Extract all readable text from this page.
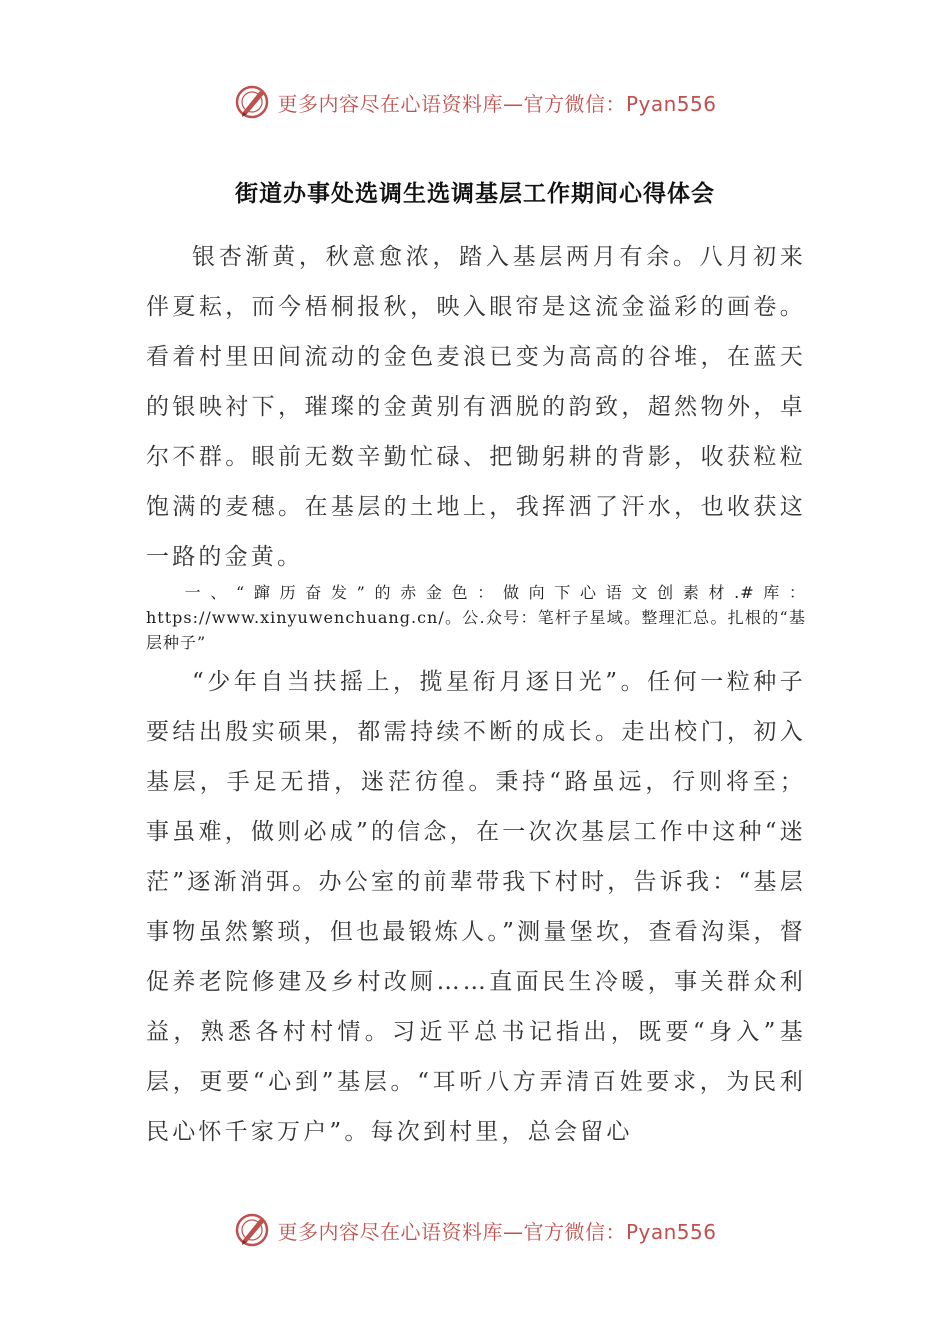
更多内容尽在心语资料库—官方微信：Pyan556
街道办事处选调生选调基层工作期间心得体会

银杏渐黄，秋意愈浓，踏入基层两月有余。八月初来伴夏耘，而今梧桐报秋，映入眼帘是这流金溢彩的画卷。看着村里田间流动的金色麦浪已变为高高的谷堆，在蓝天的银映衬下，璀璨的金黄别有洒脱的韵致，超然物外，卓尔不群。眼前无数辛勤忙碌、把锄躬耕的背影，收获粒粒饱满的麦穗。在基层的土地上，我挥洒了汗水，也收获这一路的金黄。

一、“蹿历奋发”的赤金色：做向下心语文创素材.#库：https://www.xinyuwenchuang.cn/。公.众号：笔杆子星域。整理汇总。扎根的“基层种子”

“少年自当扶摇上，揽星衔月逐日光”。任何一粒种子要结出殷实硕果，都需持续不断的成长。走出校门，初入基层，手足无措，迷茫彷徨。秉持“路虽远，行则将至；事虽难，做则必成”的信念，在一次次基层工作中这种“迷茫”逐渐消弭。办公室的前辈带我下村时，告诉我：“基层事物虽然繁琐，但也最锻炼人。”测量堡坎，查看沟渠，督促养老院修建及乡村改厕……直面民生冷暖，事关群众利益，熟悉各村村情。习近平总书记指出，既要“身入”基层，更要“心到”基层。“耳听八方弄清百姓要求，为民利民心怀千家万户”。每次到村里，总会留心

更多内容尽在心语资料库—官方微信：Pyan556
